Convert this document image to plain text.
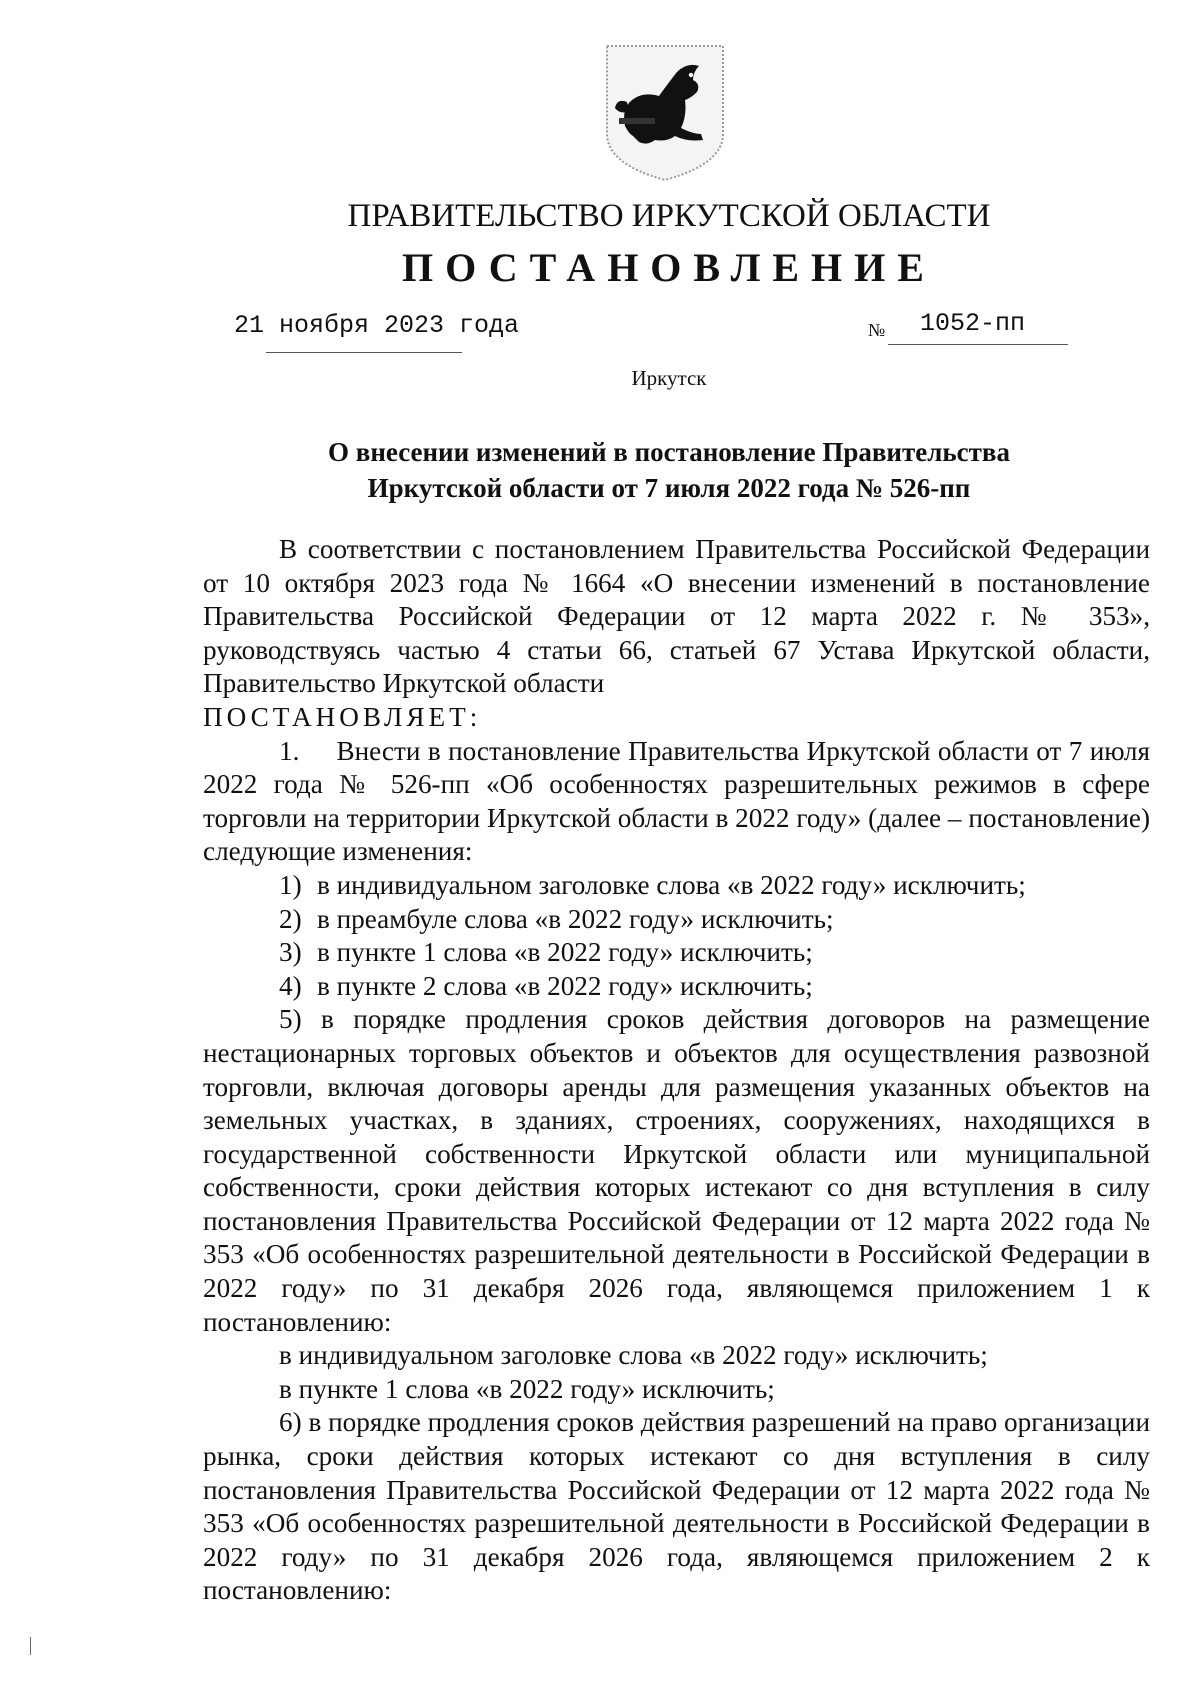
ПРАВИТЕЛЬСТВО ИРКУТСКОЙ ОБЛАСТИ
ПОСТАНОВЛЕНИЕ
21 ноября 2023 года	№ 1052-пп
Иркутск
О внесении изменений в постановление Правительства
Иркутской области от 7 июля 2022 года № 526-пп
В соответствии с постановлением Правительства Российской Федерации от 10 октября 2023 года № 1664 «О внесении изменений в постановление Правительства Российской Федерации от 12 марта 2022 г. № 353», руководствуясь частью 4 статьи 66, статьей 67 Устава Иркутской области, Правительство Иркутской области
ПОСТАНОВЛЯЕТ:
1.     Внести в постановление Правительства Иркутской области от 7 июля 2022 года № 526-пп «Об особенностях разрешительных режимов в сфере торговли на территории Иркутской области в 2022 году» (далее – постановление) следующие изменения:
1) в индивидуальном заголовке слова «в 2022 году» исключить;
2) в преамбуле слова «в 2022 году» исключить;
3) в пункте 1 слова «в 2022 году» исключить;
4) в пункте 2 слова «в 2022 году» исключить;
5) в порядке продления сроков действия договоров на размещение нестационарных торговых объектов и объектов для осуществления развозной торговли, включая договоры аренды для размещения указанных объектов на земельных участках, в зданиях, строениях, сооружениях, находящихся в государственной собственности Иркутской области или муниципальной собственности, сроки действия которых истекают со дня вступления в силу постановления Правительства Российской Федерации от 12 марта 2022 года № 353 «Об особенностях разрешительной деятельности в Российской Федерации в 2022 году» по 31 декабря 2026 года, являющемся приложением 1 к постановлению:
в индивидуальном заголовке слова «в 2022 году» исключить;
в пункте 1 слова «в 2022 году» исключить;
6) в порядке продления сроков действия разрешений на право организации рынка, сроки действия которых истекают со дня вступления в силу постановления Правительства Российской Федерации от 12 марта 2022 года № 353 «Об особенностях разрешительной деятельности в Российской Федерации в 2022 году» по 31 декабря 2026 года, являющемся приложением 2 к постановлению:
